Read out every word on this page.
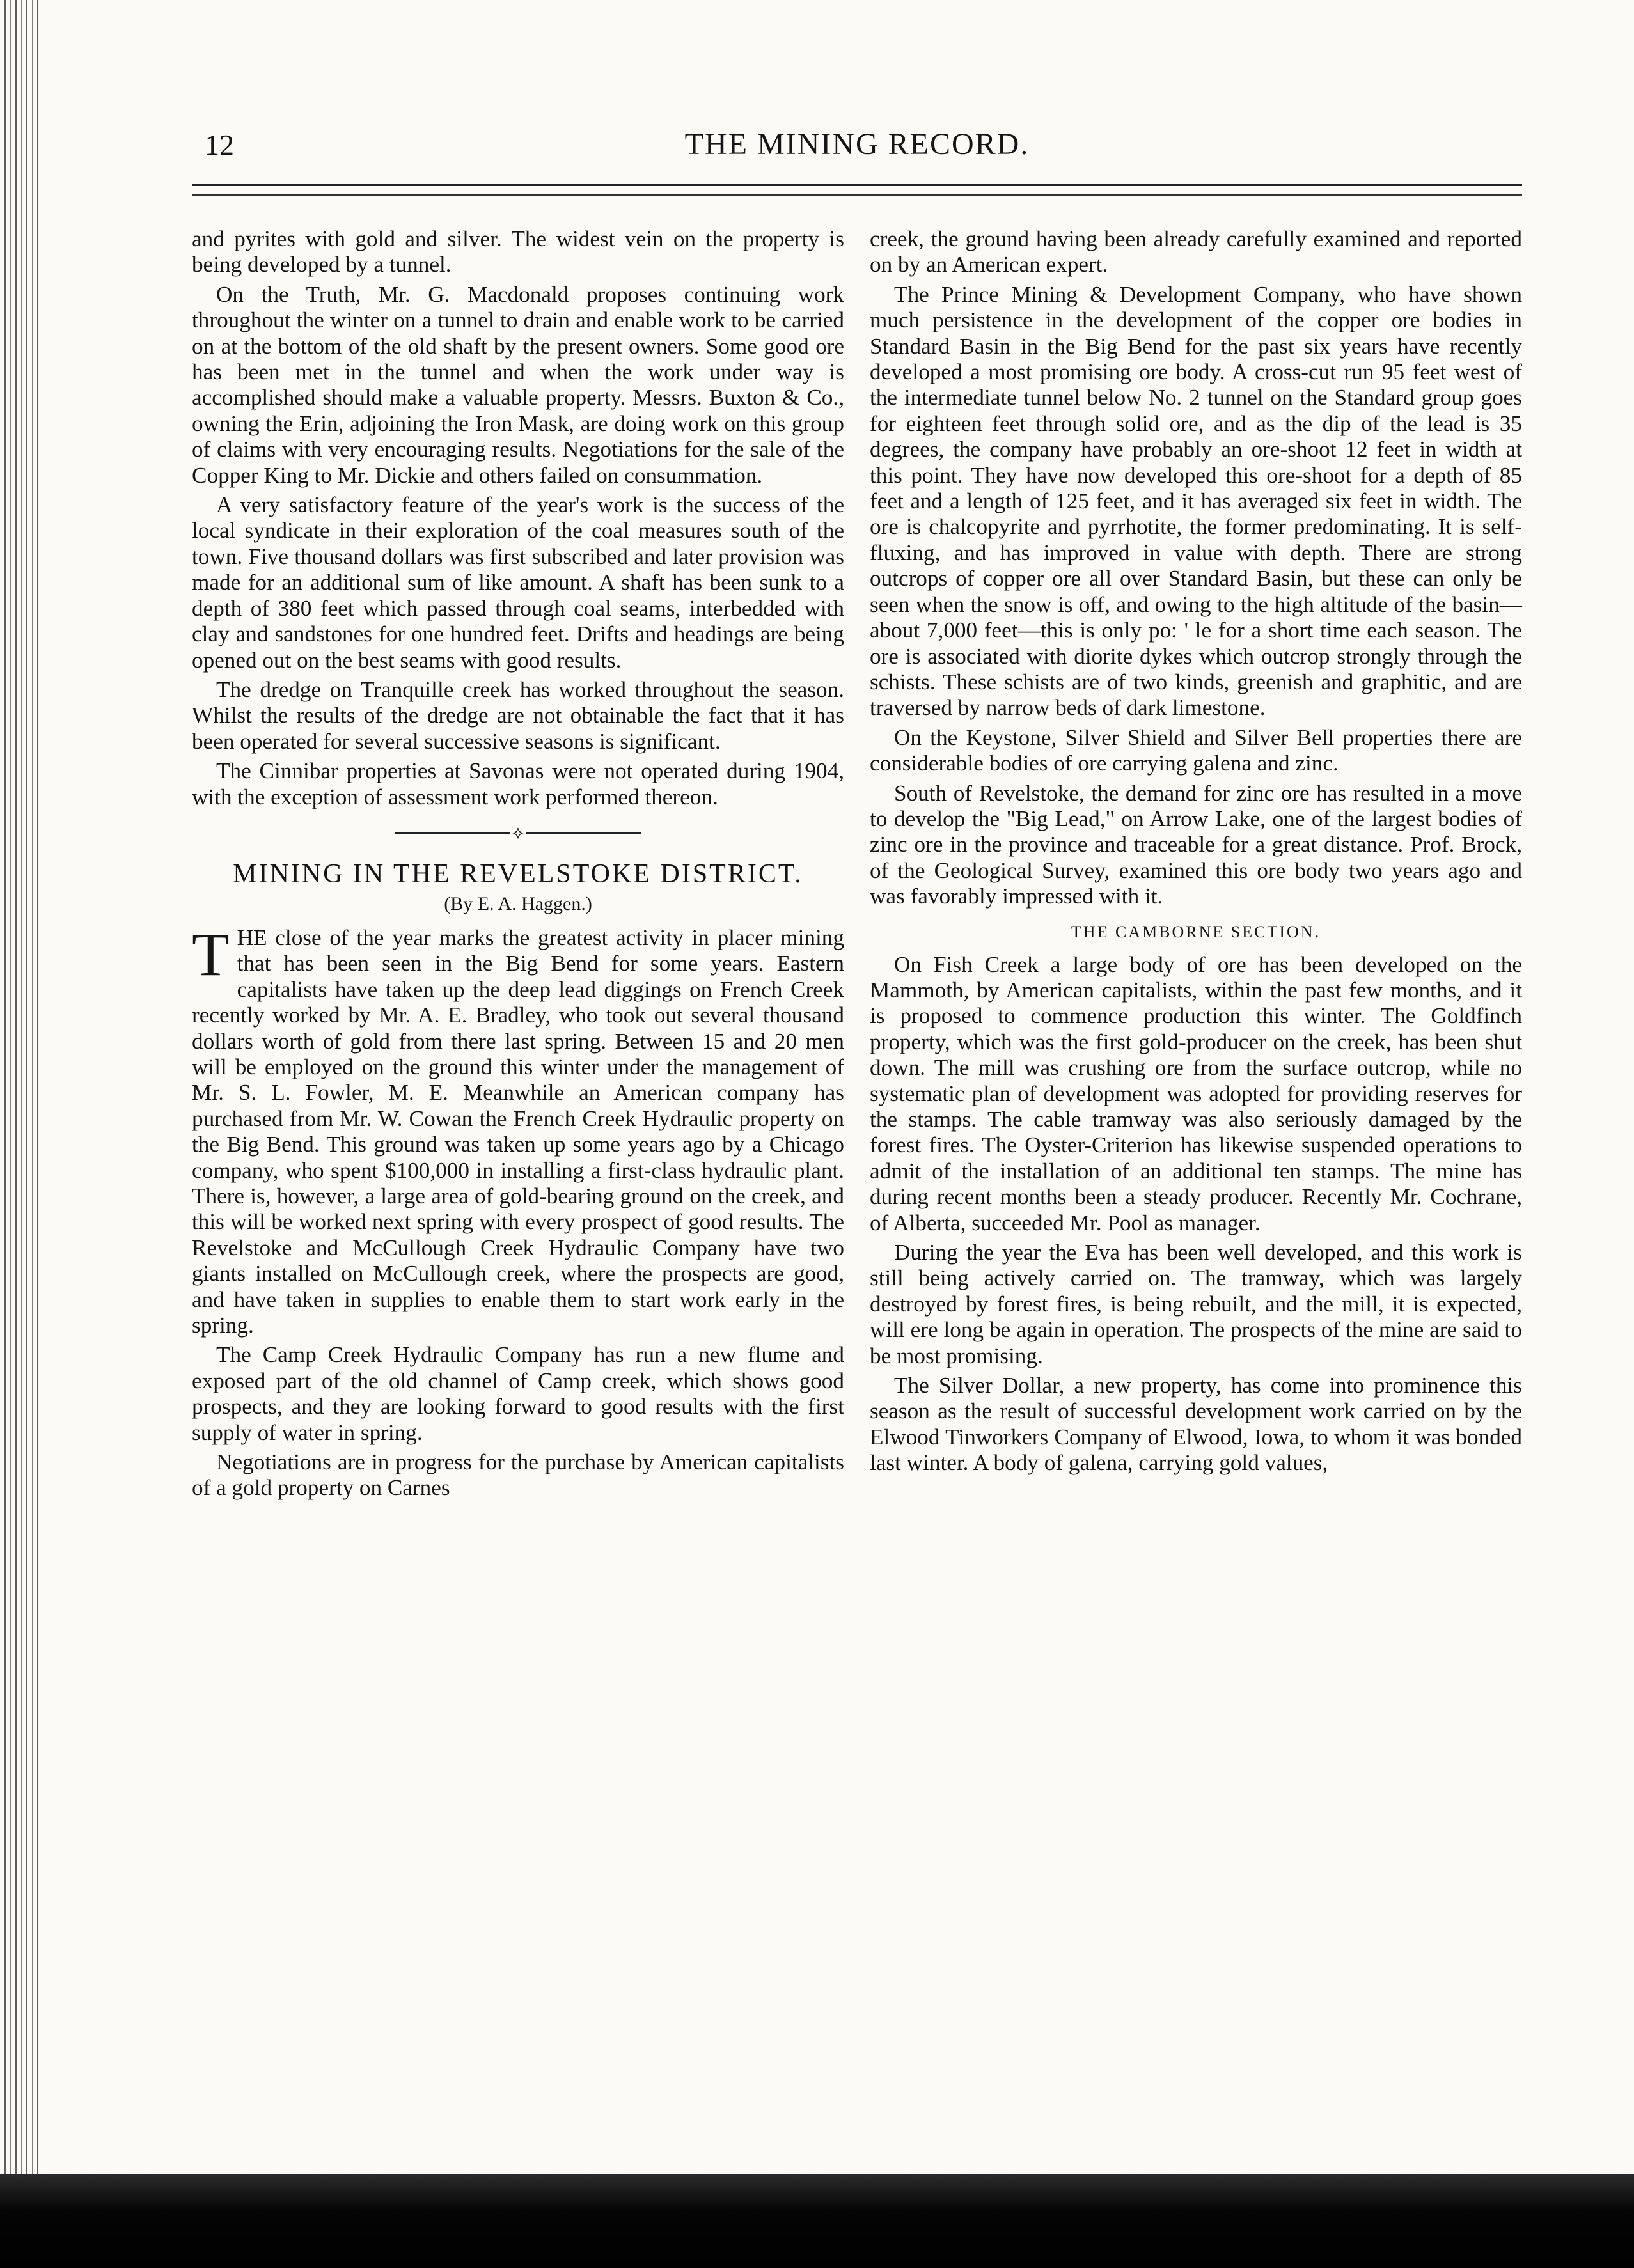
12	THE MINING RECORD.

and pyrites with gold and silver. The widest vein on the property is being developed by a tunnel.

On the Truth, Mr. G. Macdonald proposes continuing work throughout the winter on a tunnel to drain and enable work to be carried on at the bottom of the old shaft by the present owners. Some good ore has been met in the tunnel and when the work under way is accomplished should make a valuable property. Messrs. Buxton & Co., owning the Erin, adjoining the Iron Mask, are doing work on this group of claims with very encouraging results. Negotiations for the sale of the Copper King to Mr. Dickie and others failed on consummation.

A very satisfactory feature of the year's work is the success of the local syndicate in their exploration of the coal measures south of the town. Five thousand dollars was first subscribed and later provision was made for an additional sum of like amount. A shaft has been sunk to a depth of 380 feet which passed through coal seams, interbedded with clay and sandstones for one hundred feet. Drifts and headings are being opened out on the best seams with good results.

The dredge on Tranquille creek has worked throughout the season. Whilst the results of the dredge are not obtainable the fact that it has been operated for several successive seasons is significant.

The Cinnibar properties at Savonas were not operated during 1904, with the exception of assessment work performed thereon.

⟡
MINING IN THE REVELSTOKE DISTRICT.
(By E. A. Haggen.)

THE close of the year marks the greatest activity in placer mining that has been seen in the Big Bend for some years. Eastern capitalists have taken up the deep lead diggings on French Creek recently worked by Mr. A. E. Bradley, who took out several thousand dollars worth of gold from there last spring. Between 15 and 20 men will be employed on the ground this winter under the management of Mr. S. L. Fowler, M. E. Meanwhile an American company has purchased from Mr. W. Cowan the French Creek Hydraulic property on the Big Bend. This ground was taken up some years ago by a Chicago company, who spent $100,000 in installing a first-class hydraulic plant. There is, however, a large area of gold-bearing ground on the creek, and this will be worked next spring with every prospect of good results. The Revelstoke and McCullough Creek Hydraulic Company have two giants installed on McCullough creek, where the prospects are good, and have taken in supplies to enable them to start work early in the spring.

The Camp Creek Hydraulic Company has run a new flume and exposed part of the old channel of Camp creek, which shows good prospects, and they are looking forward to good results with the first supply of water in spring.

Negotiations are in progress for the purchase by American capitalists of a gold property on Carnes

creek, the ground having been already carefully examined and reported on by an American expert.

The Prince Mining & Development Company, who have shown much persistence in the development of the copper ore bodies in Standard Basin in the Big Bend for the past six years have recently developed a most promising ore body. A cross-cut run 95 feet west of the intermediate tunnel below No. 2 tunnel on the Standard group goes for eighteen feet through solid ore, and as the dip of the lead is 35 degrees, the company have probably an ore-shoot 12 feet in width at this point. They have now developed this ore-shoot for a depth of 85 feet and a length of 125 feet, and it has averaged six feet in width. The ore is chalcopyrite and pyrrhotite, the former predominating. It is self-fluxing, and has improved in value with depth. There are strong outcrops of copper ore all over Standard Basin, but these can only be seen when the snow is off, and owing to the high altitude of the basin—about 7,000 feet—this is only po: ' le for a short time each season. The ore is associated with diorite dykes which outcrop strongly through the schists. These schists are of two kinds, greenish and graphitic, and are traversed by narrow beds of dark limestone.

On the Keystone, Silver Shield and Silver Bell properties there are considerable bodies of ore carrying galena and zinc.

South of Revelstoke, the demand for zinc ore has resulted in a move to develop the "Big Lead," on Arrow Lake, one of the largest bodies of zinc ore in the province and traceable for a great distance. Prof. Brock, of the Geological Survey, examined this ore body two years ago and was favorably impressed with it.

THE CAMBORNE SECTION.

On Fish Creek a large body of ore has been developed on the Mammoth, by American capitalists, within the past few months, and it is proposed to commence production this winter. The Goldfinch property, which was the first gold-producer on the creek, has been shut down. The mill was crushing ore from the surface outcrop, while no systematic plan of development was adopted for providing reserves for the stamps. The cable tramway was also seriously damaged by the forest fires. The Oyster-Criterion has likewise suspended operations to admit of the installation of an additional ten stamps. The mine has during recent months been a steady producer. Recently Mr. Cochrane, of Alberta, succeeded Mr. Pool as manager.

During the year the Eva has been well developed, and this work is still being actively carried on. The tramway, which was largely destroyed by forest fires, is being rebuilt, and the mill, it is expected, will ere long be again in operation. The prospects of the mine are said to be most promising.

The Silver Dollar, a new property, has come into prominence this season as the result of successful development work carried on by the Elwood Tinworkers Company of Elwood, Iowa, to whom it was bonded last winter. A body of galena, carrying gold values,
